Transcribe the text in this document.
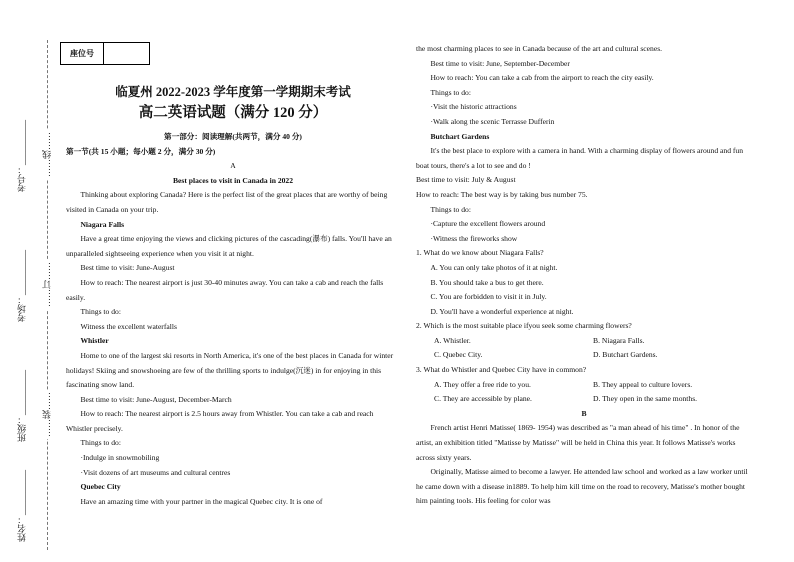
……线……
……订……
……装……
考号：__________
考场：__________
班级：__________
姓名：__________
座位号
临夏州 2022-2023 学年度第一学期期末考试
高二英语试题（满分 120 分）

第一部分：阅读理解(共两节，满分 40 分)

第一节(共 15 小题；每小题 2 分，满分 30 分)

A

Best places to visit in Canada in 2022

Thinking about exploring Canada? Here is the perfect list of the great places that are worthy of being visited in Canada on your trip.

Niagara Falls

Have a great time enjoying the views and clicking pictures of the cascading(瀑布) falls. You'll have an unparalleled sightseeing experience when you visit it at night.

Best time to visit: June-August

How to reach: The nearest airport is just 30-40 minutes away. You can take a cab and reach the falls easily.

Things to do:

Witness the excellent waterfalls

Whistler

Home to one of the largest ski resorts in North America, it's one of the best places in Canada for winter holidays! Skiing and snowshoeing are few of the thrilling sports to indulge(沉迷) in for enjoying in this fascinating snow land.

Best time to visit: June-August, December-March

How to reach: The nearest airport is 2.5 hours away from Whistler. You can take a cab and reach Whistler precisely.

Things to do:

·Indulge in snowmobiling

·Visit dozens of art museums and cultural centres

Quebec City

Have an amazing time with your partner in the magical Quebec city. It is one of

the most charming places to see in Canada because of the art and cultural scenes.

Best time to visit: June, September-December

How to reach: You can take a cab from the airport to reach the city easily.

Things to do:

·Visit the historic attractions

·Walk along the scenic Terrasse Dufferin

Butchart Gardens

It's the best place to explore with a camera in hand. With a charming display of flowers around and fun boat tours, there's a lot to see and do !

Best time to visit: July & August

How to reach: The best way is by taking bus number 75.

Things to do:

·Capture the excellent flowers around

·Witness the fireworks show

1. What do we know about Niagara Falls?

A. You can only take photos of it at night.

B. You should take a bus to get there.

C. You are forbidden to visit it in July.

D. You'll have a wonderful experience at night.

2. Which is the most suitable place ifyou seek some charming flowers?

A. Whistler.	B. Niagara Falls.
C. Quebec City.	D. Butchart Gardens.

3. What do Whistler and Quebec City have in common?

A. They offer a free ride to you.	B. They appeal to culture lovers.
C. They are accessible by plane.	D. They open in the same months.

B

French artist Henri Matisse( 1869- 1954) was described as "a man ahead of his time" . In honor of the artist, an exhibition titled "Matisse by Matisse" will be held in China this year. It follows Matisse's works across sixty years.

Originally, Matisse aimed to become a lawyer. He attended law school and worked as a law worker until he came down with a disease in1889. To help him kill time on the road to recovery, Matisse's mother bought him painting tools. His feeling for color was
